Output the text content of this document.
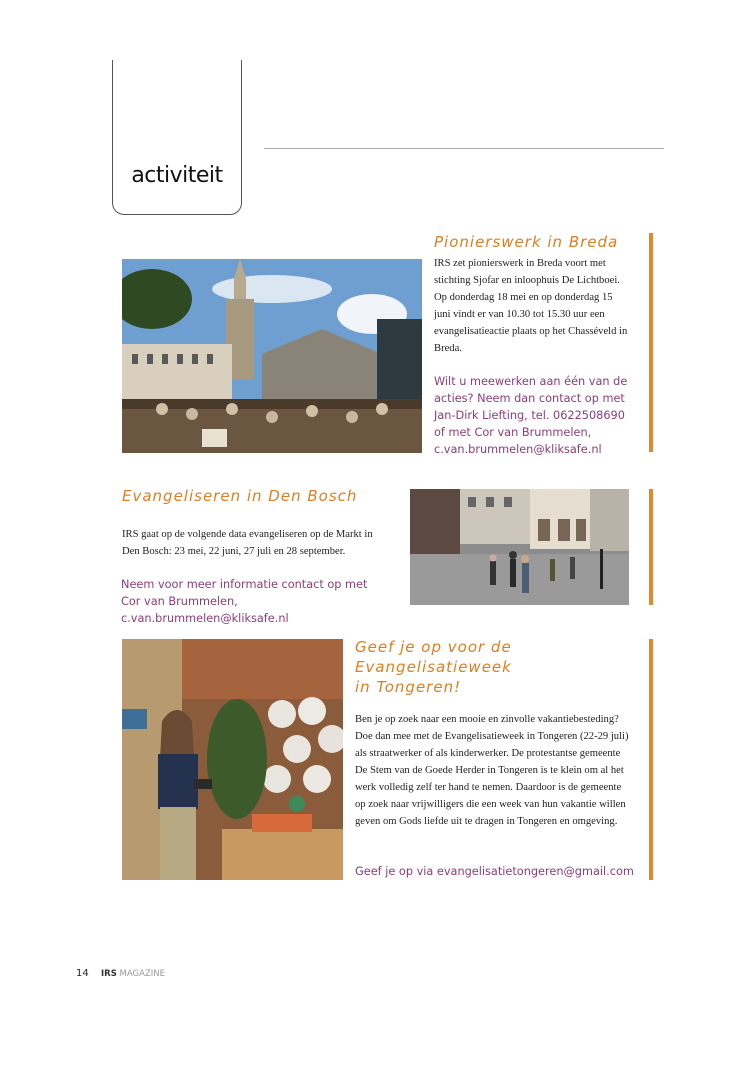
activiteit
Pionierswerk in Breda

IRS zet pionierswerk in Breda voort met stichting Sjofar en inloophuis De Lichtboei. Op donderdag 18 mei en op donderdag 15 juni vindt er van 10.30 tot 15.30 uur een evangelisatieactie plaats op het Chasséveld in Breda.

Wilt u meewerken aan één van de acties? Neem dan contact op met Jan-Dirk Liefting, tel. 0622508690 of met Cor van Brummelen, c.van.brummelen@kliksafe.nl

Evangeliseren in Den Bosch

IRS gaat op de volgende data evangeliseren op de Markt in Den Bosch: 23 mei, 22 juni, 27 juli en 28 september.

Neem voor meer informatie contact op met

Cor van Brummelen, c.van.brummelen@kliksafe.nl

Geef je op voor de
Evangelisatieweek
in Tongeren!

Ben je op zoek naar een mooie en zinvolle vakantiebesteding? Doe dan mee met de Evangelisatieweek in Tongeren (22-29 juli) als straatwerker of als kinderwerker. De protestantse gemeente De Stem van de Goede Herder in Tongeren is te klein om al het werk volledig zelf ter hand te nemen. Daardoor is de gemeente op zoek naar vrijwilligers die een week van hun vakantie willen geven om Gods liefde uit te dragen in Tongeren en omgeving.

Geef je op via evangelisatietongeren@gmail.com

14 IRS MAGAZINE
